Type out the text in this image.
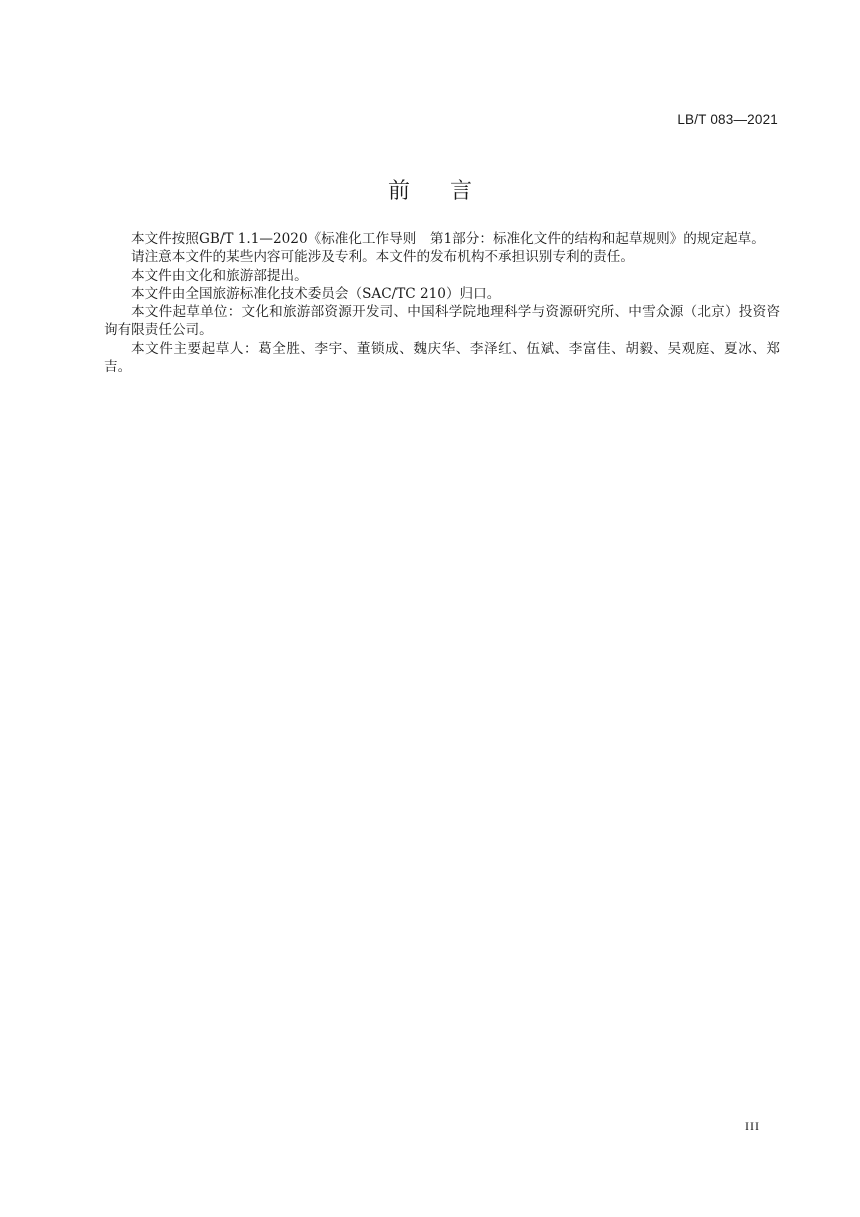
LB/T 083—2021
前言

本文件按照GB/T 1.1—2020《标准化工作导则　第1部分：标准化文件的结构和起草规则》的规定起草。

请注意本文件的某些内容可能涉及专利。本文件的发布机构不承担识别专利的责任。

本文件由文化和旅游部提出。

本文件由全国旅游标准化技术委员会（SAC/TC 210）归口。

本文件起草单位：文化和旅游部资源开发司、中国科学院地理科学与资源研究所、中雪众源（北京）投资咨询有限责任公司。

本文件主要起草人：葛全胜、李宇、董锁成、魏庆华、李泽红、伍斌、李富佳、胡毅、吴观庭、夏冰、郑吉。

III
